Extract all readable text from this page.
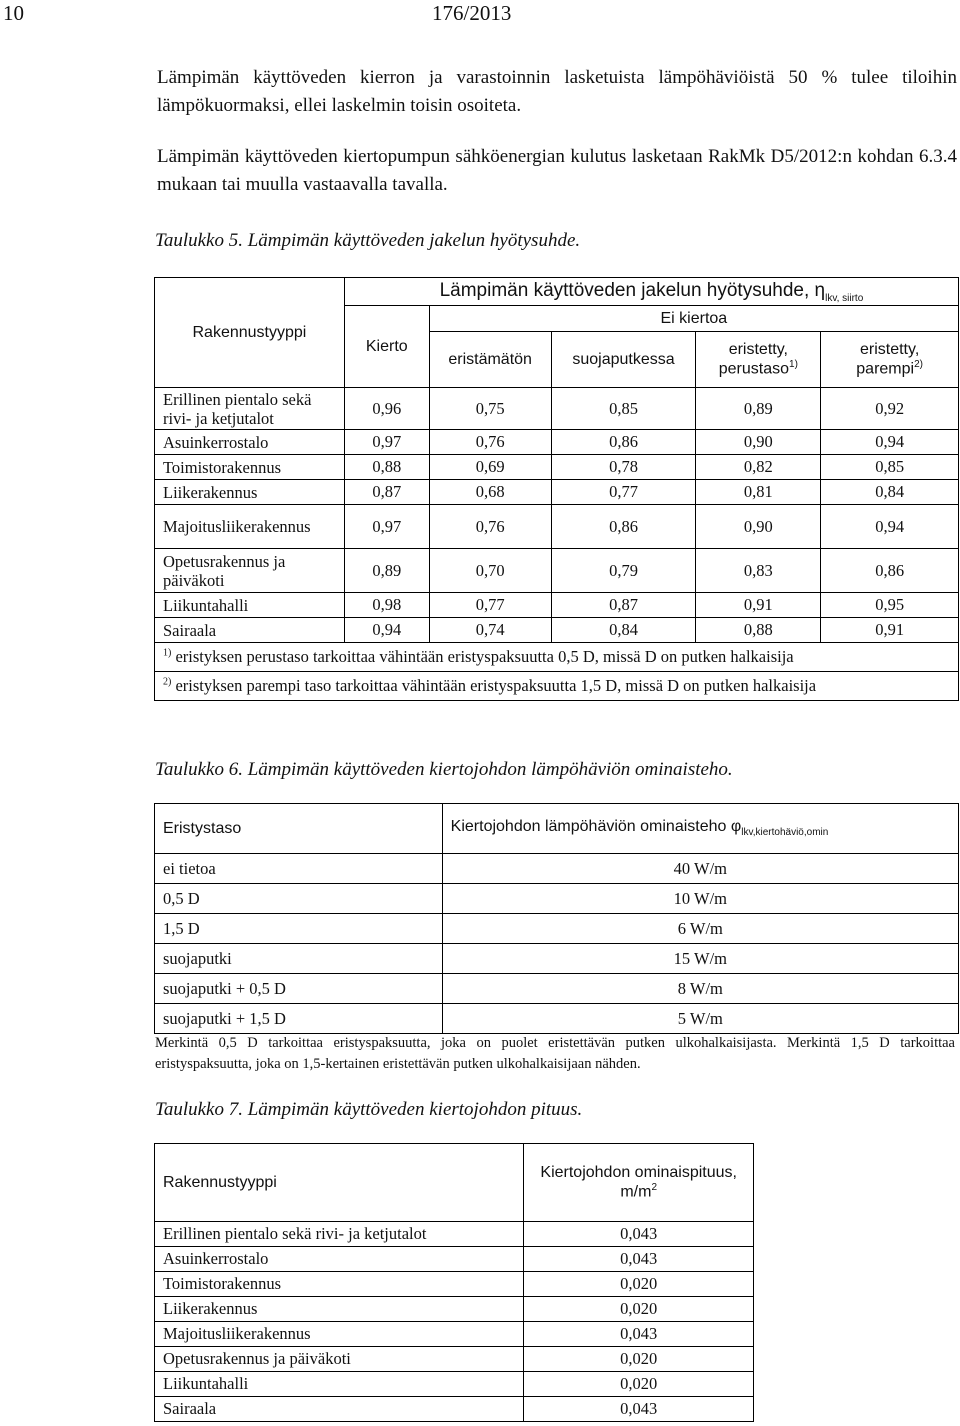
10	176/2013
Lämpimän käyttöveden kierron ja varastoinnin lasketuista lämpöhäviöistä 50 % tulee tiloihin lämpökuormaksi, ellei laskelmin toisin osoiteta.
Lämpimän käyttöveden kiertopumpun sähköenergian kulutus lasketaan RakMk D5/2012:n kohdan 6.3.4 mukaan tai muulla vastaavalla tavalla.
Taulukko 5. Lämpimän käyttöveden jakelun hyötysuhde.
Rakennustyyppi	Lämpimän käyttöveden jakelun hyötysuhde, $\eta_{lkv, siirto}$
	Kierto	Ei kiertoa			
		eristämätön	suojaputkessa	eristetty, perustaso$^{1)}$	eristetty, parempi$^{2)}$
Erillinen pientalo sekä rivi- ja ketjutalot	0,96	0,75	0,85	0,89	0,92
Asuinkerrostalo	0,97	0,76	0,86	0,90	0,94
Toimistorakennus	0,88	0,69	0,78	0,82	0,85
Liikerakennus	0,87	0,68	0,77	0,81	0,84
Majoitusliikerakennus	0,97	0,76	0,86	0,90	0,94
Opetusrakennus ja päiväkoti	0,89	0,70	0,79	0,83	0,86
Liikuntahalli	0,98	0,77	0,87	0,91	0,95
Sairaala	0,94	0,74	0,84	0,88	0,91
$^{1)}$ eristyksen perustaso tarkoittaa vähintään eristyspaksuutta 0,5 D, missä D on putken halkaisija					
$^{2)}$ eristyksen parempi taso tarkoittaa vähintään eristyspaksuutta 1,5 D, missä D on putken halkaisija					
Taulukko 6. Lämpimän käyttöveden kiertojohdon lämpöhäviön ominaisteho.
Eristystaso	Kiertojohdon lämpöhäviön ominaisteho $\varphi_{lkv,kiertohäviö,omin}$
ei tietoa	40 W/m
0,5 D	10 W/m
1,5 D	6 W/m
suojaputki	15 W/m
suojaputki + 0,5 D	8 W/m
suojaputki + 1,5 D	5 W/m
Merkintä 0,5 D tarkoittaa eristyspaksuutta, joka on puolet eristettävän putken ulkohalkaisijasta. Merkintä 1,5 D tarkoittaa eristyspaksuutta, joka on 1,5-kertainen eristettävän putken ulkohalkaisijaan nähden.
Taulukko 7. Lämpimän käyttöveden kiertojohdon pituus.
Rakennustyyppi	Kiertojohdon ominaispituus, $m/m^2$
Erillinen pientalo sekä rivi- ja ketjutalot	0,043
Asuinkerrostalo	0,043
Toimistorakennus	0,020
Liikerakennus	0,020
Majoitusliikerakennus	0,043
Opetusrakennus ja päiväkoti	0,020
Liikuntahalli	0,020
Sairaala	0,043
